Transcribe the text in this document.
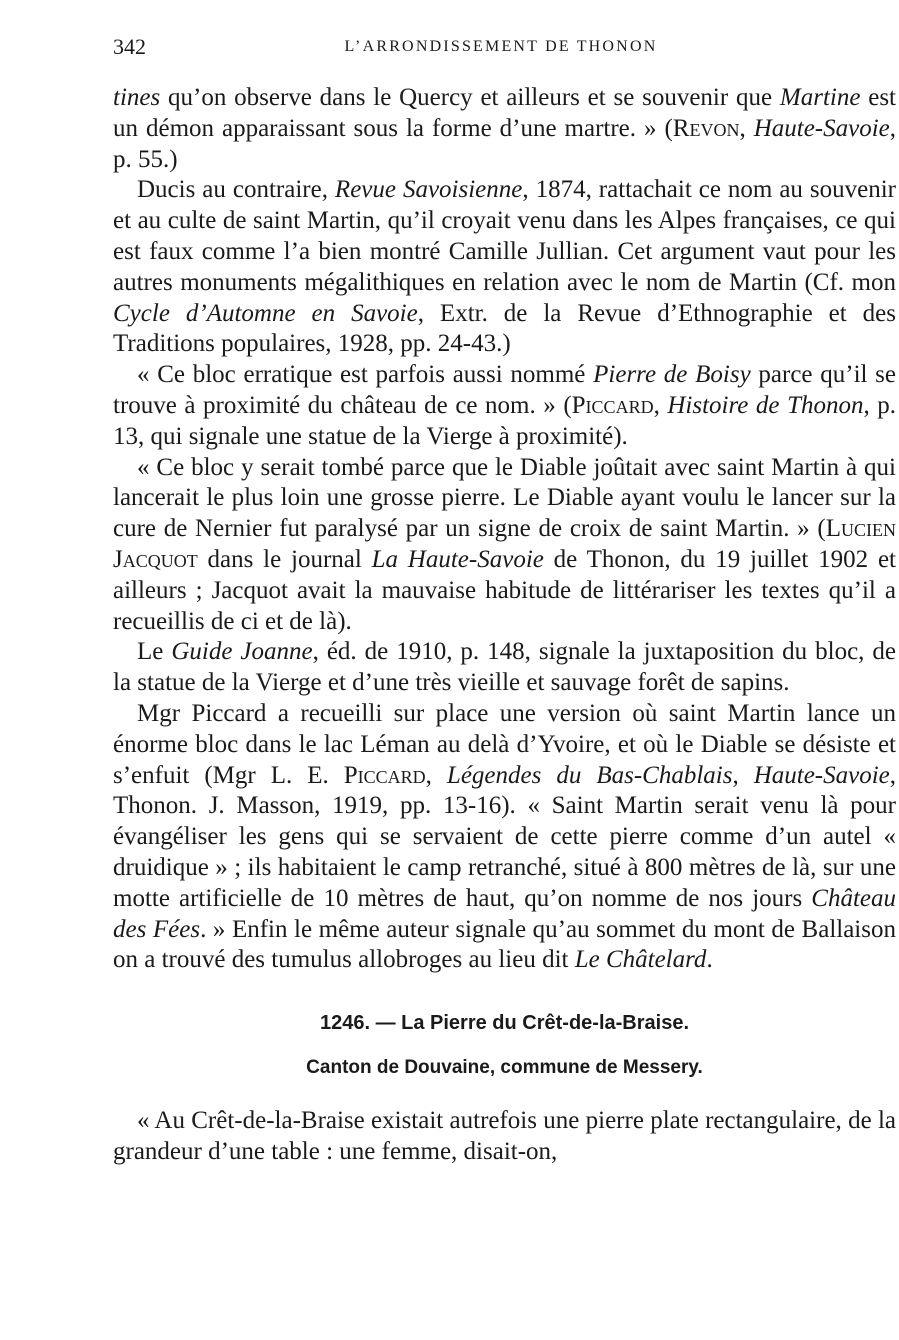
342	L’ARRONDISSEMENT DE THONON

tines qu’on observe dans le Quercy et ailleurs et se souvenir que Martine est un démon apparaissant sous la forme d’une martre. » (Revon, Haute-Savoie, p. 55.)

Ducis au contraire, Revue Savoisienne, 1874, rattachait ce nom au souvenir et au culte de saint Martin, qu’il croyait venu dans les Alpes françaises, ce qui est faux comme l’a bien montré Camille Jullian. Cet argument vaut pour les autres monuments mégalithiques en relation avec le nom de Martin (Cf. mon Cycle d’Automne en Savoie, Extr. de la Revue d’Ethnographie et des Traditions populaires, 1928, pp. 24-43.)

« Ce bloc erratique est parfois aussi nommé Pierre de Boisy parce qu’il se trouve à proximité du château de ce nom. » (Piccard, Histoire de Thonon, p. 13, qui signale une statue de la Vierge à proximité).

« Ce bloc y serait tombé parce que le Diable joûtait avec saint Martin à qui lancerait le plus loin une grosse pierre. Le Diable ayant voulu le lancer sur la cure de Nernier fut paralysé par un signe de croix de saint Martin. » (Lucien Jacquot dans le journal La Haute-Savoie de Thonon, du 19 juillet 1902 et ailleurs ; Jacquot avait la mauvaise habitude de littérariser les textes qu’il a recueillis de ci et de là).

Le Guide Joanne, éd. de 1910, p. 148, signale la juxtaposition du bloc, de la statue de la Vierge et d’une très vieille et sauvage forêt de sapins.

Mgr Piccard a recueilli sur place une version où saint Martin lance un énorme bloc dans le lac Léman au delà d’Yvoire, et où le Diable se désiste et s’enfuit (Mgr L. E. Piccard, Légendes du Bas-Chablais, Haute-Savoie, Thonon. J. Masson, 1919, pp. 13-16). « Saint Martin serait venu là pour évangéliser les gens qui se servaient de cette pierre comme d’un autel « druidique » ; ils habitaient le camp retranché, situé à 800 mètres de là, sur une motte artificielle de 10 mètres de haut, qu’on nomme de nos jours Château des Fées. » Enfin le même auteur signale qu’au sommet du mont de Ballaison on a trouvé des tumulus allobroges au lieu dit Le Châtelard.

1246. — La Pierre du Crêt-de-la-Braise.
Canton de Douvaine, commune de Messery.

« Au Crêt-de-la-Braise existait autrefois une pierre plate rectangulaire, de la grandeur d’une table : une femme, disait-on,
